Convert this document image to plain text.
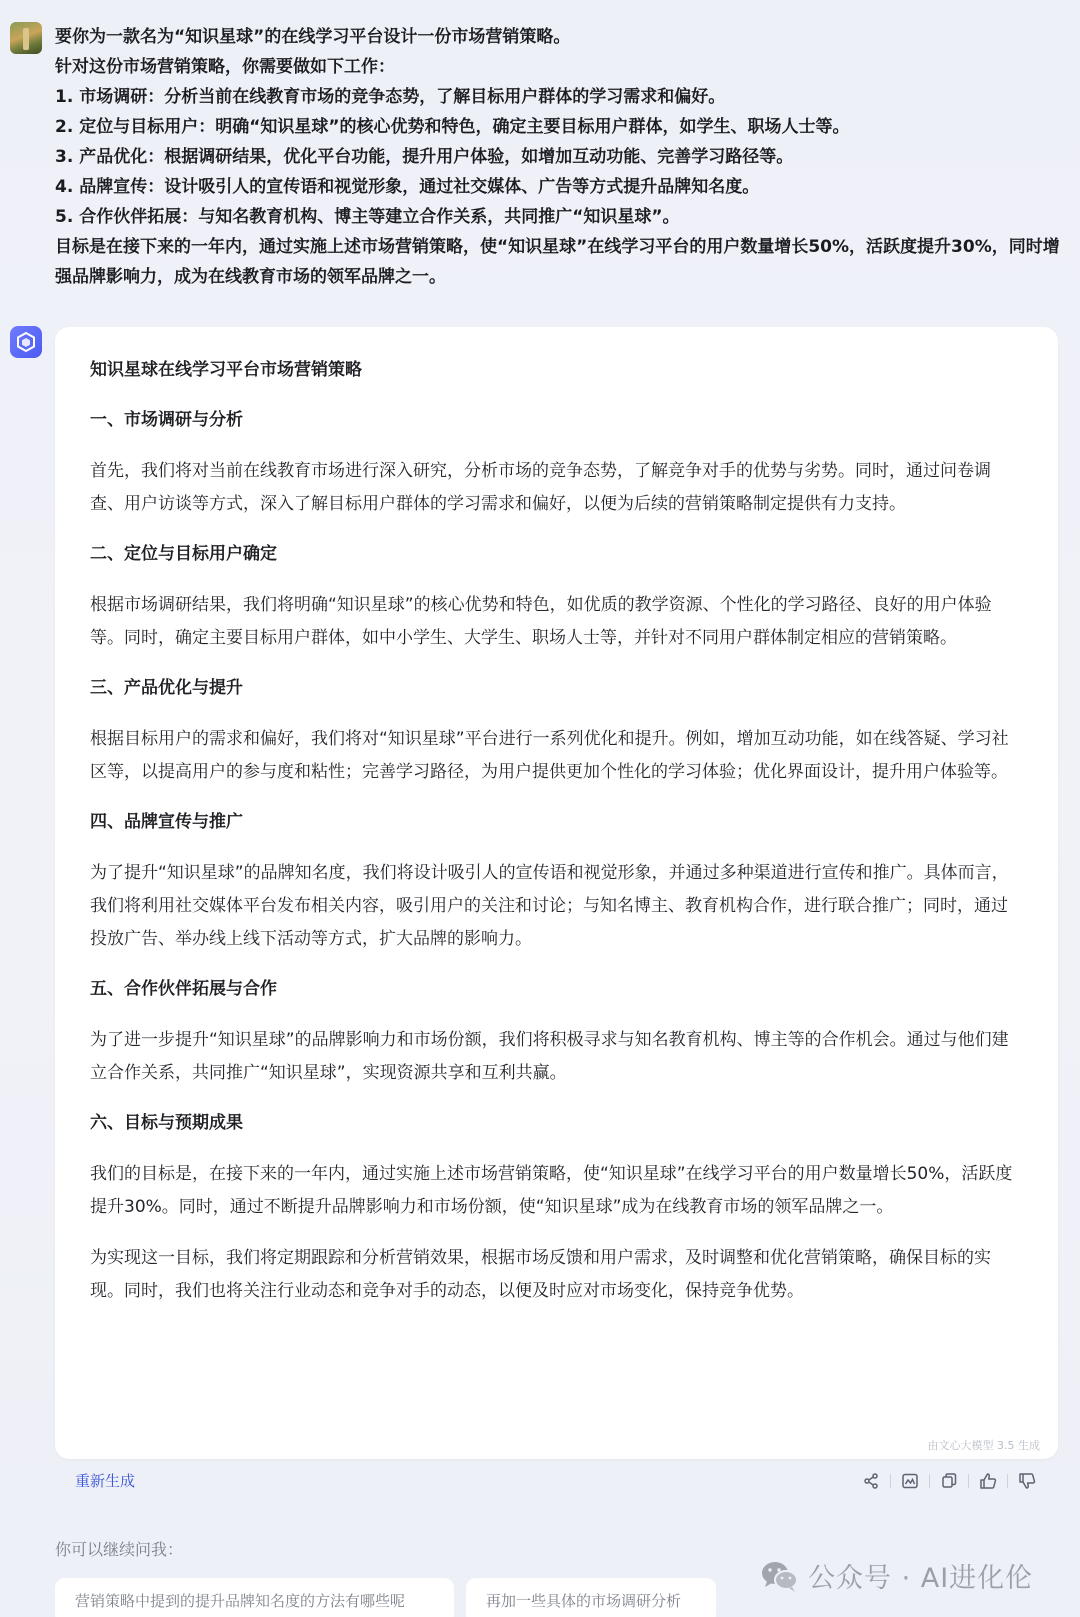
要你为一款名为“知识星球”的在线学习平台设计一份市场营销策略。

针对这份市场营销策略，你需要做如下工作：

1. 市场调研：分析当前在线教育市场的竞争态势，了解目标用户群体的学习需求和偏好。

2. 定位与目标用户：明确“知识星球”的核心优势和特色，确定主要目标用户群体，如学生、职场人士等。

3. 产品优化：根据调研结果，优化平台功能，提升用户体验，如增加互动功能、完善学习路径等。

4. 品牌宣传：设计吸引人的宣传语和视觉形象，通过社交媒体、广告等方式提升品牌知名度。

5. 合作伙伴拓展：与知名教育机构、博主等建立合作关系，共同推广“知识星球”。

目标是在接下来的一年内，通过实施上述市场营销策略，使“知识星球”在线学习平台的用户数量增长50%，活跃度提升30%，同时增强品牌影响力，成为在线教育市场的领军品牌之一。

知识星球在线学习平台市场营销策略
一、市场调研与分析

首先，我们将对当前在线教育市场进行深入研究，分析市场的竞争态势，了解竞争对手的优势与劣势。同时，通过问卷调查、用户访谈等方式，深入了解目标用户群体的学习需求和偏好，以便为后续的营销策略制定提供有力支持。

二、定位与目标用户确定

根据市场调研结果，我们将明确“知识星球”的核心优势和特色，如优质的教学资源、个性化的学习路径、良好的用户体验等。同时，确定主要目标用户群体，如中小学生、大学生、职场人士等，并针对不同用户群体制定相应的营销策略。

三、产品优化与提升

根据目标用户的需求和偏好，我们将对“知识星球”平台进行一系列优化和提升。例如，增加互动功能，如在线答疑、学习社区等，以提高用户的参与度和粘性；完善学习路径，为用户提供更加个性化的学习体验；优化界面设计，提升用户体验等。

四、品牌宣传与推广

为了提升“知识星球”的品牌知名度，我们将设计吸引人的宣传语和视觉形象，并通过多种渠道进行宣传和推广。具体而言，我们将利用社交媒体平台发布相关内容，吸引用户的关注和讨论；与知名博主、教育机构合作，进行联合推广；同时，通过投放广告、举办线上线下活动等方式，扩大品牌的影响力。

五、合作伙伴拓展与合作

为了进一步提升“知识星球”的品牌影响力和市场份额，我们将积极寻求与知名教育机构、博主等的合作机会。通过与他们建立合作关系，共同推广“知识星球”，实现资源共享和互利共赢。

六、目标与预期成果

我们的目标是，在接下来的一年内，通过实施上述市场营销策略，使“知识星球”在线学习平台的用户数量增长50%，活跃度提升30%。同时，通过不断提升品牌影响力和市场份额，使“知识星球”成为在线教育市场的领军品牌之一。

为实现这一目标，我们将定期跟踪和分析营销效果，根据市场反馈和用户需求，及时调整和优化营销策略，确保目标的实现。同时，我们也将关注行业动态和竞争对手的动态，以便及时应对市场变化，保持竞争优势。

由文心大模型 3.5 生成
重新生成
你可以继续问我：
营销策略中提到的提升品牌知名度的方法有哪些呢	再加一些具体的市场调研分析
公众号 · AI进化伦
